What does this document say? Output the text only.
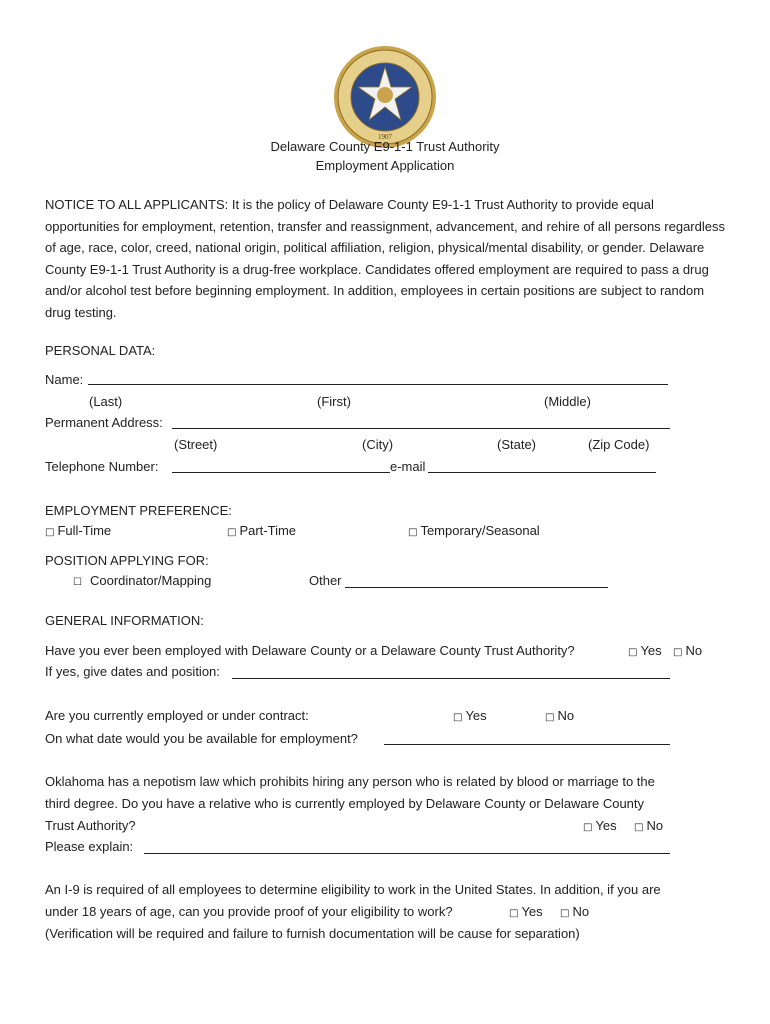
1907
Delaware County E9-1-1 Trust Authority
Employment Application
NOTICE TO ALL APPLICANTS: It is the policy of Delaware County E9-1-1 Trust Authority to provide equal opportunities for employment, retention, transfer and reassignment, advancement, and rehire of all persons regardless of age, race, color, creed, national origin, political affiliation, religion, physical/mental disability, or gender. Delaware County E9-1-1 Trust Authority is a drug-free workplace. Candidates offered employment are required to pass a drug and/or alcohol test before beginning employment. In addition, employees in certain positions are subject to random drug testing.
PERSONAL DATA:
Name:
(Last)	(First)	(Middle)
Permanent Address:
(Street)	(City)	(State)	(Zip Code)
Telephone Number:	e-mail
EMPLOYMENT PREFERENCE:
□ Full-Time	□ Part-Time	□ Temporary/Seasonal
POSITION APPLYING FOR:
☐ Coordinator/Mapping	Other
GENERAL INFORMATION:
Have you ever been employed with Delaware County or a Delaware County Trust Authority?	□ Yes □ No
If yes, give dates and position:
Are you currently employed or under contract:	□ Yes	□ No
On what date would you be available for employment?
Oklahoma has a nepotism law which prohibits hiring any person who is related by blood or marriage to the
third degree. Do you have a relative who is currently employed by Delaware County or Delaware County
Trust Authority?	□ Yes □ No
Please explain:
An I-9 is required of all employees to determine eligibility to work in the United States. In addition, if you are
under 18 years of age, can you provide proof of your eligibility to work?	□ Yes □ No
(Verification will be required and failure to furnish documentation will be cause for separation)
